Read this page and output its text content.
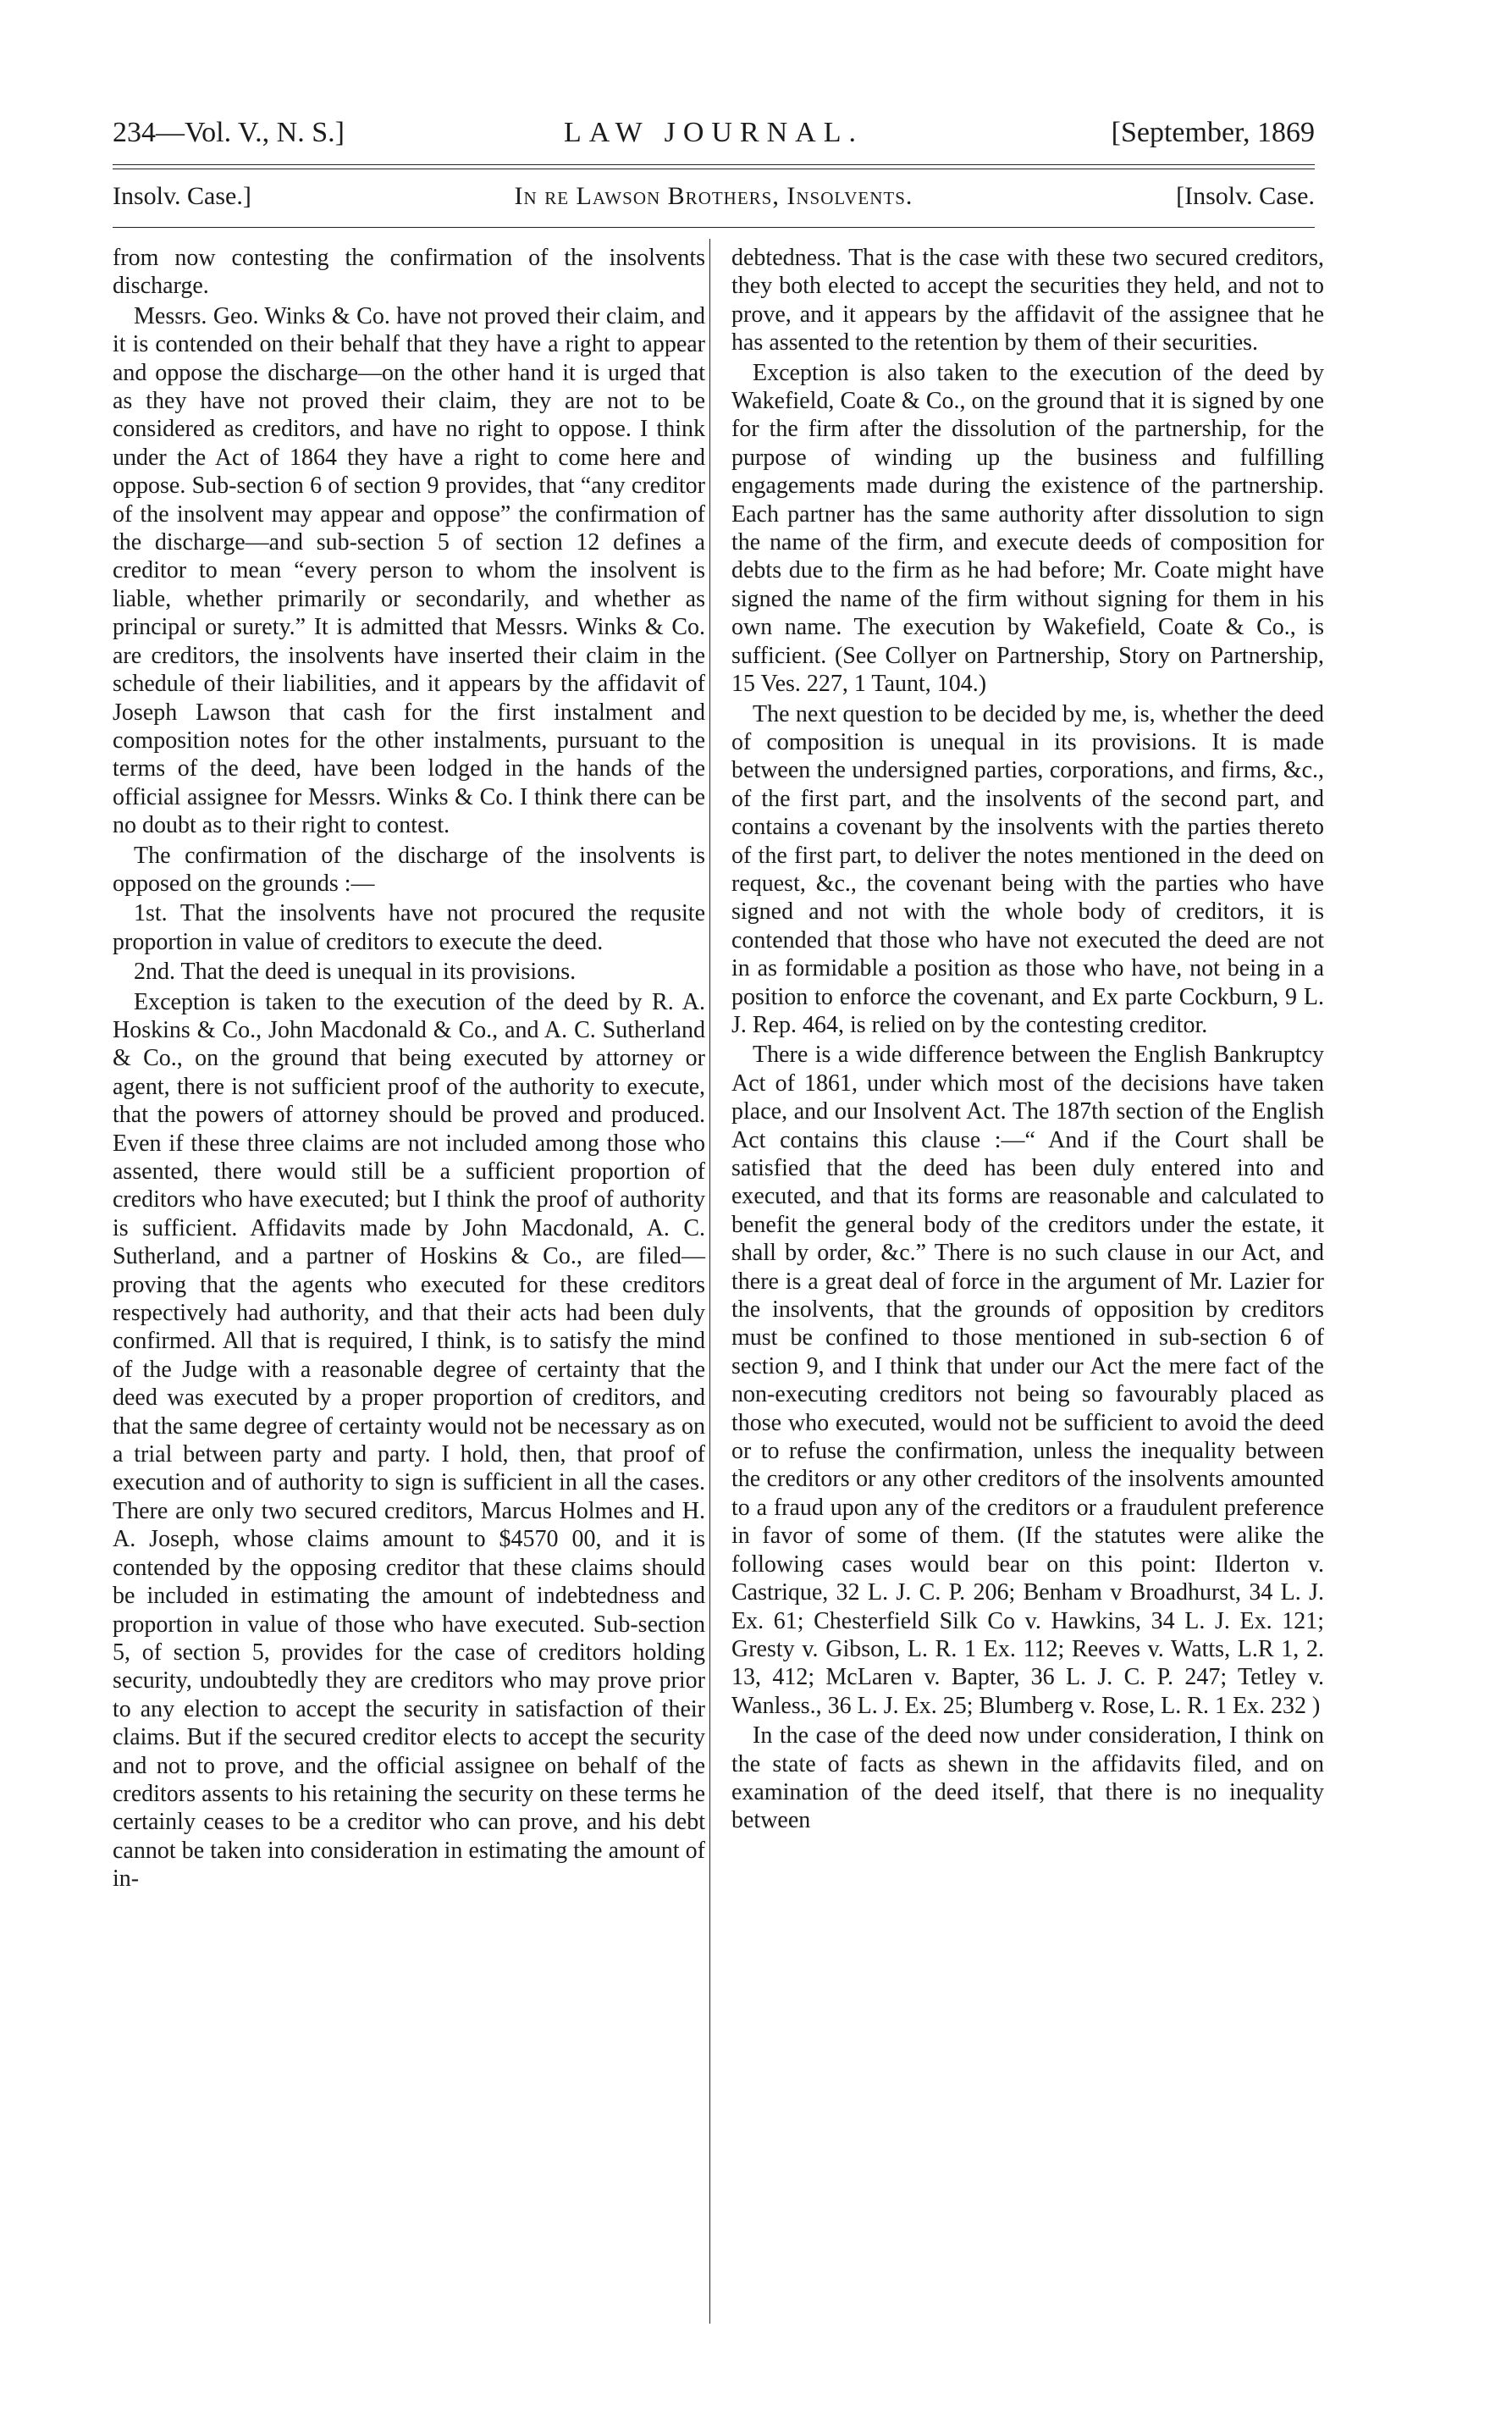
234—Vol. V., N. S.]	LAW JOURNAL.	[September, 1869
Insolv. Case.]	In re Lawson Brothers, Insolvents.	[Insolv. Case.

from now contesting the confirmation of the insolvents discharge.

Messrs. Geo. Winks & Co. have not proved their claim, and it is contended on their behalf that they have a right to appear and oppose the discharge—on the other hand it is urged that as they have not proved their claim, they are not to be considered as creditors, and have no right to oppose. I think under the Act of 1864 they have a right to come here and oppose. Sub-section 6 of section 9 provides, that “any creditor of the insolvent may appear and oppose” the confirmation of the discharge—and sub-section 5 of section 12 defines a creditor to mean “every person to whom the insolvent is liable, whether primarily or secondarily, and whether as principal or surety.” It is admitted that Messrs. Winks & Co. are creditors, the insolvents have inserted their claim in the schedule of their liabilities, and it appears by the affidavit of Joseph Lawson that cash for the first instalment and composition notes for the other instalments, pursuant to the terms of the deed, have been lodged in the hands of the official assignee for Messrs. Winks & Co. I think there can be no doubt as to their right to contest.

The confirmation of the discharge of the insolvents is opposed on the grounds :—

1st. That the insolvents have not procured the requsite proportion in value of creditors to execute the deed.

2nd. That the deed is unequal in its provisions.

Exception is taken to the execution of the deed by R. A. Hoskins & Co., John Macdonald & Co., and A. C. Sutherland & Co., on the ground that being executed by attorney or agent, there is not sufficient proof of the authority to execute, that the powers of attorney should be proved and produced. Even if these three claims are not included among those who assented, there would still be a sufficient proportion of creditors who have executed; but I think the proof of authority is sufficient. Affidavits made by John Macdonald, A. C. Sutherland, and a partner of Hoskins & Co., are filed—proving that the agents who executed for these creditors respectively had authority, and that their acts had been duly confirmed. All that is required, I think, is to satisfy the mind of the Judge with a reasonable degree of certainty that the deed was executed by a proper proportion of creditors, and that the same degree of certainty would not be necessary as on a trial between party and party. I hold, then, that proof of execution and of authority to sign is sufficient in all the cases. There are only two secured creditors, Marcus Holmes and H. A. Joseph, whose claims amount to $4570 00, and it is contended by the opposing creditor that these claims should be included in estimating the amount of indebtedness and proportion in value of those who have executed. Sub-section 5, of section 5, provides for the case of creditors holding security, undoubtedly they are creditors who may prove prior to any election to accept the security in satisfaction of their claims. But if the secured creditor elects to accept the security and not to prove, and the official assignee on behalf of the creditors assents to his retaining the security on these terms he certainly ceases to be a creditor who can prove, and his debt cannot be taken into consideration in estimating the amount of in-

debtedness. That is the case with these two secured creditors, they both elected to accept the securities they held, and not to prove, and it appears by the affidavit of the assignee that he has assented to the retention by them of their securities.

Exception is also taken to the execution of the deed by Wakefield, Coate & Co., on the ground that it is signed by one for the firm after the dissolution of the partnership, for the purpose of winding up the business and fulfilling engagements made during the existence of the partnership. Each partner has the same authority after dissolution to sign the name of the firm, and execute deeds of composition for debts due to the firm as he had before; Mr. Coate might have signed the name of the firm without signing for them in his own name. The execution by Wakefield, Coate & Co., is sufficient. (See Collyer on Partnership, Story on Partnership, 15 Ves. 227, 1 Taunt, 104.)

The next question to be decided by me, is, whether the deed of composition is unequal in its provisions. It is made between the undersigned parties, corporations, and firms, &c., of the first part, and the insolvents of the second part, and contains a covenant by the insolvents with the parties thereto of the first part, to deliver the notes mentioned in the deed on request, &c., the covenant being with the parties who have signed and not with the whole body of creditors, it is contended that those who have not executed the deed are not in as formidable a position as those who have, not being in a position to enforce the covenant, and Ex parte Cockburn, 9 L. J. Rep. 464, is relied on by the contesting creditor.

There is a wide difference between the English Bankruptcy Act of 1861, under which most of the decisions have taken place, and our Insolvent Act. The 187th section of the English Act contains this clause :—“ And if the Court shall be satisfied that the deed has been duly entered into and executed, and that its forms are reasonable and calculated to benefit the general body of the creditors under the estate, it shall by order, &c.” There is no such clause in our Act, and there is a great deal of force in the argument of Mr. Lazier for the insolvents, that the grounds of opposition by creditors must be confined to those mentioned in sub-section 6 of section 9, and I think that under our Act the mere fact of the non-executing creditors not being so favourably placed as those who executed, would not be sufficient to avoid the deed or to refuse the confirmation, unless the inequality between the creditors or any other creditors of the insolvents amounted to a fraud upon any of the creditors or a fraudulent preference in favor of some of them. (If the statutes were alike the following cases would bear on this point: Ilderton v. Castrique, 32 L. J. C. P. 206; Benham v Broadhurst, 34 L. J. Ex. 61; Chesterfield Silk Co v. Hawkins, 34 L. J. Ex. 121; Gresty v. Gibson, L. R. 1 Ex. 112; Reeves v. Watts, L.R 1, 2. 13, 412; McLaren v. Bapter, 36 L. J. C. P. 247; Tetley v. Wanless., 36 L. J. Ex. 25; Blumberg v. Rose, L. R. 1 Ex. 232 )

In the case of the deed now under consideration, I think on the state of facts as shewn in the affidavits filed, and on examination of the deed itself, that there is no inequality between
